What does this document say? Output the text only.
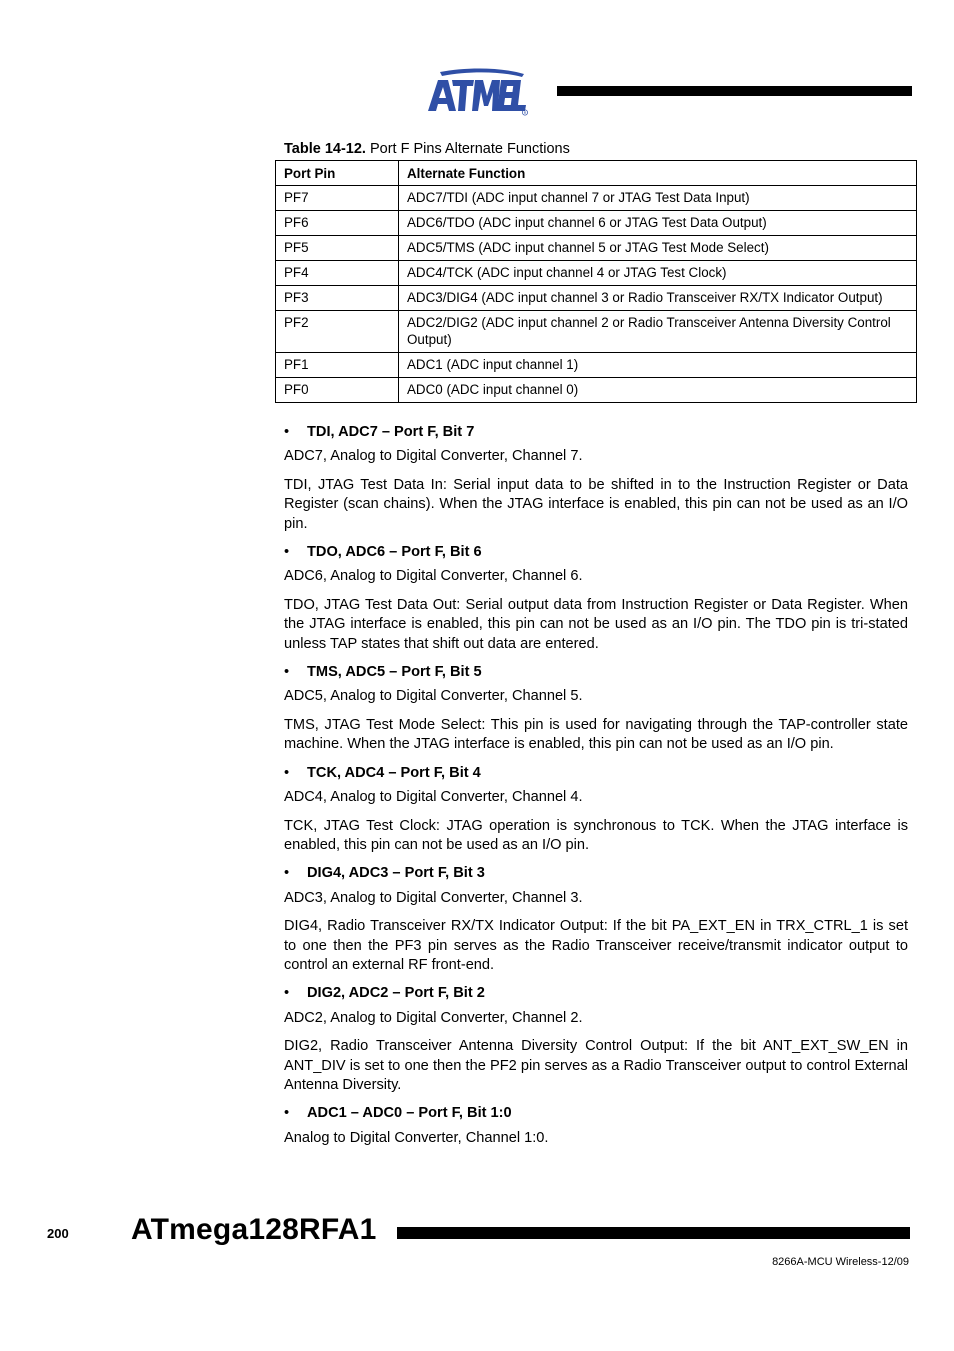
R
Table 14-12. Port F Pins Alternate Functions
Port Pin	Alternate Function
PF7	ADC7/TDI (ADC input channel 7 or JTAG Test Data Input)
PF6	ADC6/TDO (ADC input channel 6 or JTAG Test Data Output)
PF5	ADC5/TMS (ADC input channel 5 or JTAG Test Mode Select)
PF4	ADC4/TCK (ADC input channel 4 or JTAG Test Clock)
PF3	ADC3/DIG4 (ADC input channel 3 or Radio Transceiver RX/TX Indicator Output)
PF2	ADC2/DIG2 (ADC input channel 2 or Radio Transceiver Antenna Diversity Control Output)
PF1	ADC1 (ADC input channel 1)
PF0	ADC0 (ADC input channel 0)
• TDI, ADC7 – Port F, Bit 7

ADC7, Analog to Digital Converter, Channel 7.

TDI, JTAG Test Data In: Serial input data to be shifted in to the Instruction Register or Data Register (scan chains). When the JTAG interface is enabled, this pin can not be used as an I/O pin.

• TDO, ADC6 – Port F, Bit 6

ADC6, Analog to Digital Converter, Channel 6.

TDO, JTAG Test Data Out: Serial output data from Instruction Register or Data Register. When the JTAG interface is enabled, this pin can not be used as an I/O pin. The TDO pin is tri-stated unless TAP states that shift out data are entered.

• TMS, ADC5 – Port F, Bit 5

ADC5, Analog to Digital Converter, Channel 5.

TMS, JTAG Test Mode Select: This pin is used for navigating through the TAP-controller state machine. When the JTAG interface is enabled, this pin can not be used as an I/O pin.

• TCK, ADC4 – Port F, Bit 4

ADC4, Analog to Digital Converter, Channel 4.

TCK, JTAG Test Clock: JTAG operation is synchronous to TCK. When the JTAG interface is enabled, this pin can not be used as an I/O pin.

• DIG4, ADC3 – Port F, Bit 3

ADC3, Analog to Digital Converter, Channel 3.

DIG4, Radio Transceiver RX/TX Indicator Output: If the bit PA_EXT_EN in TRX_CTRL_1 is set to one then the PF3 pin serves as the Radio Transceiver receive/transmit indicator output to control an external RF front-end.

• DIG2, ADC2 – Port F, Bit 2

ADC2, Analog to Digital Converter, Channel 2.

DIG2, Radio Transceiver Antenna Diversity Control Output: If the bit ANT_EXT_SW_EN in ANT_DIV is set to one then the PF2 pin serves as a Radio Transceiver output to control External Antenna Diversity.

• ADC1 – ADC0 – Port F, Bit 1:0

Analog to Digital Converter, Channel 1:0.

200 ATmega128RFA1
8266A-MCU Wireless-12/09
